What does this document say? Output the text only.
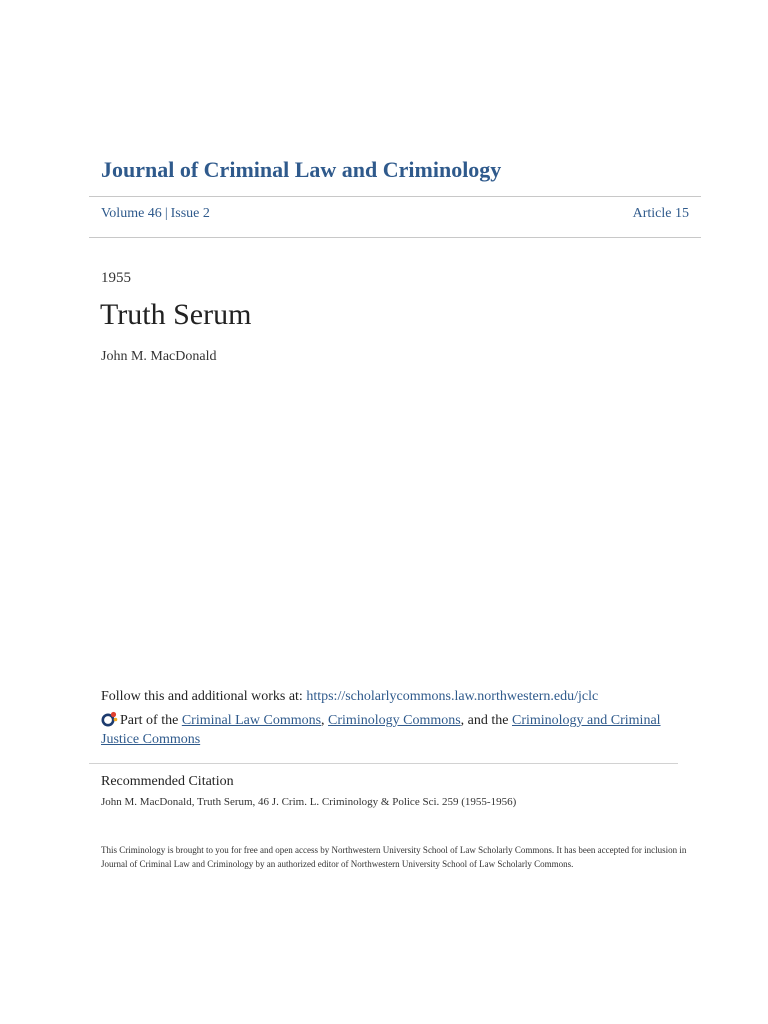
Journal of Criminal Law and Criminology
Volume 46 | Issue 2	Article 15
1955
Truth Serum
John M. MacDonald
Follow this and additional works at: https://scholarlycommons.law.northwestern.edu/jclc
Part of the Criminal Law Commons, Criminology Commons, and the Criminology and Criminal Justice Commons
Recommended Citation
John M. MacDonald, Truth Serum, 46 J. Crim. L. Criminology & Police Sci. 259 (1955-1956)
This Criminology is brought to you for free and open access by Northwestern University School of Law Scholarly Commons. It has been accepted for inclusion in Journal of Criminal Law and Criminology by an authorized editor of Northwestern University School of Law Scholarly Commons.
